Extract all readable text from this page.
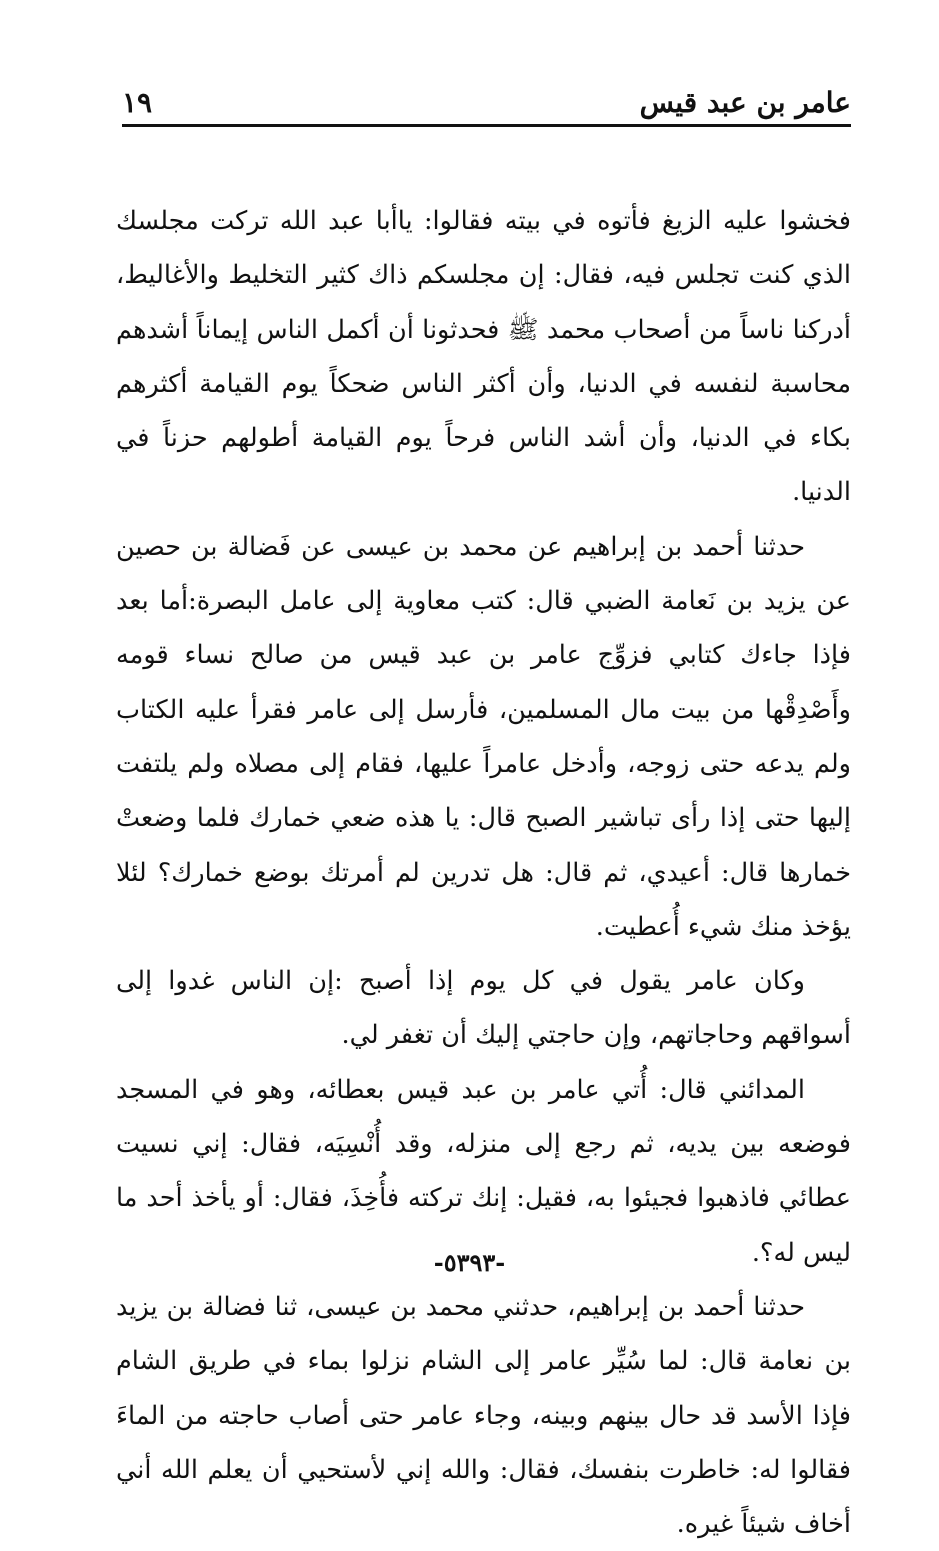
عامر بن عبد قيس
١٩

فخشوا عليه الزيغ فأتوه في بيته فقالوا: ياأبا عبد الله تركت مجلسك الذي كنت تجلس فيه، فقال: إن مجلسكم ذاك كثير التخليط والأغاليط، أدركنا ناساً من أصحاب محمد ﷺ فحدثونا أن أكمل الناس إيماناً أشدهم محاسبة لنفسه في الدنيا، وأن أكثر الناس ضحكاً يوم القيامة أكثرهم بكاء في الدنيا، وأن أشد الناس فرحاً يوم القيامة أطولهم حزناً في الدنيا.

حدثنا أحمد بن إبراهيم عن محمد بن عيسى عن فَضالة بن حصين عن يزيد بن نَعامة الضبي قال: كتب معاوية إلى عامل البصرة:أما بعد فإذا جاءك كتابي فزوِّج عامر بن عبد قيس من صالح نساء قومه وأَصْدِقْها من بيت مال المسلمين، فأرسل إلى عامر فقرأ عليه الكتاب ولم يدعه حتى زوجه، وأدخل عامراً عليها، فقام إلى مصلاه ولم يلتفت إليها حتى إذا رأى تباشير الصبح قال: يا هذه ضعي خمارك فلما وضعتْ خمارها قال: أعيدي، ثم قال: هل تدرين لم أمرتك بوضع خمارك؟ لئلا يؤخذ منك شيء أُعطيت.

وكان عامر يقول في كل يوم إذا أصبح :إن الناس غدوا إلى أسواقهم وحاجاتهم، وإن حاجتي إليك أن تغفر لي.

المدائني قال: أُتي عامر بن عبد قيس بعطائه، وهو في المسجد فوضعه بين يديه، ثم رجع إلى منزله، وقد أُنْسِيَه، فقال: إني نسيت عطائي فاذهبوا فجيئوا به، فقيل: إنك تركته فأُخِذَ، فقال: أو يأخذ أحد ما ليس له؟.

حدثنا أحمد بن إبراهيم، حدثني محمد بن عيسى، ثنا فضالة بن يزيد بن نعامة قال: لما سُيِّر عامر إلى الشام نزلوا بماء في طريق الشام فإذا الأسد قد حال بينهم وبينه، وجاء عامر حتى أصاب حاجته من الماءَ فقالوا له: خاطرت بنفسك، فقال: والله إني لأستحيي أن يعلم الله أني أخاف شيئاً غيره.

-٥٣٩٣-
